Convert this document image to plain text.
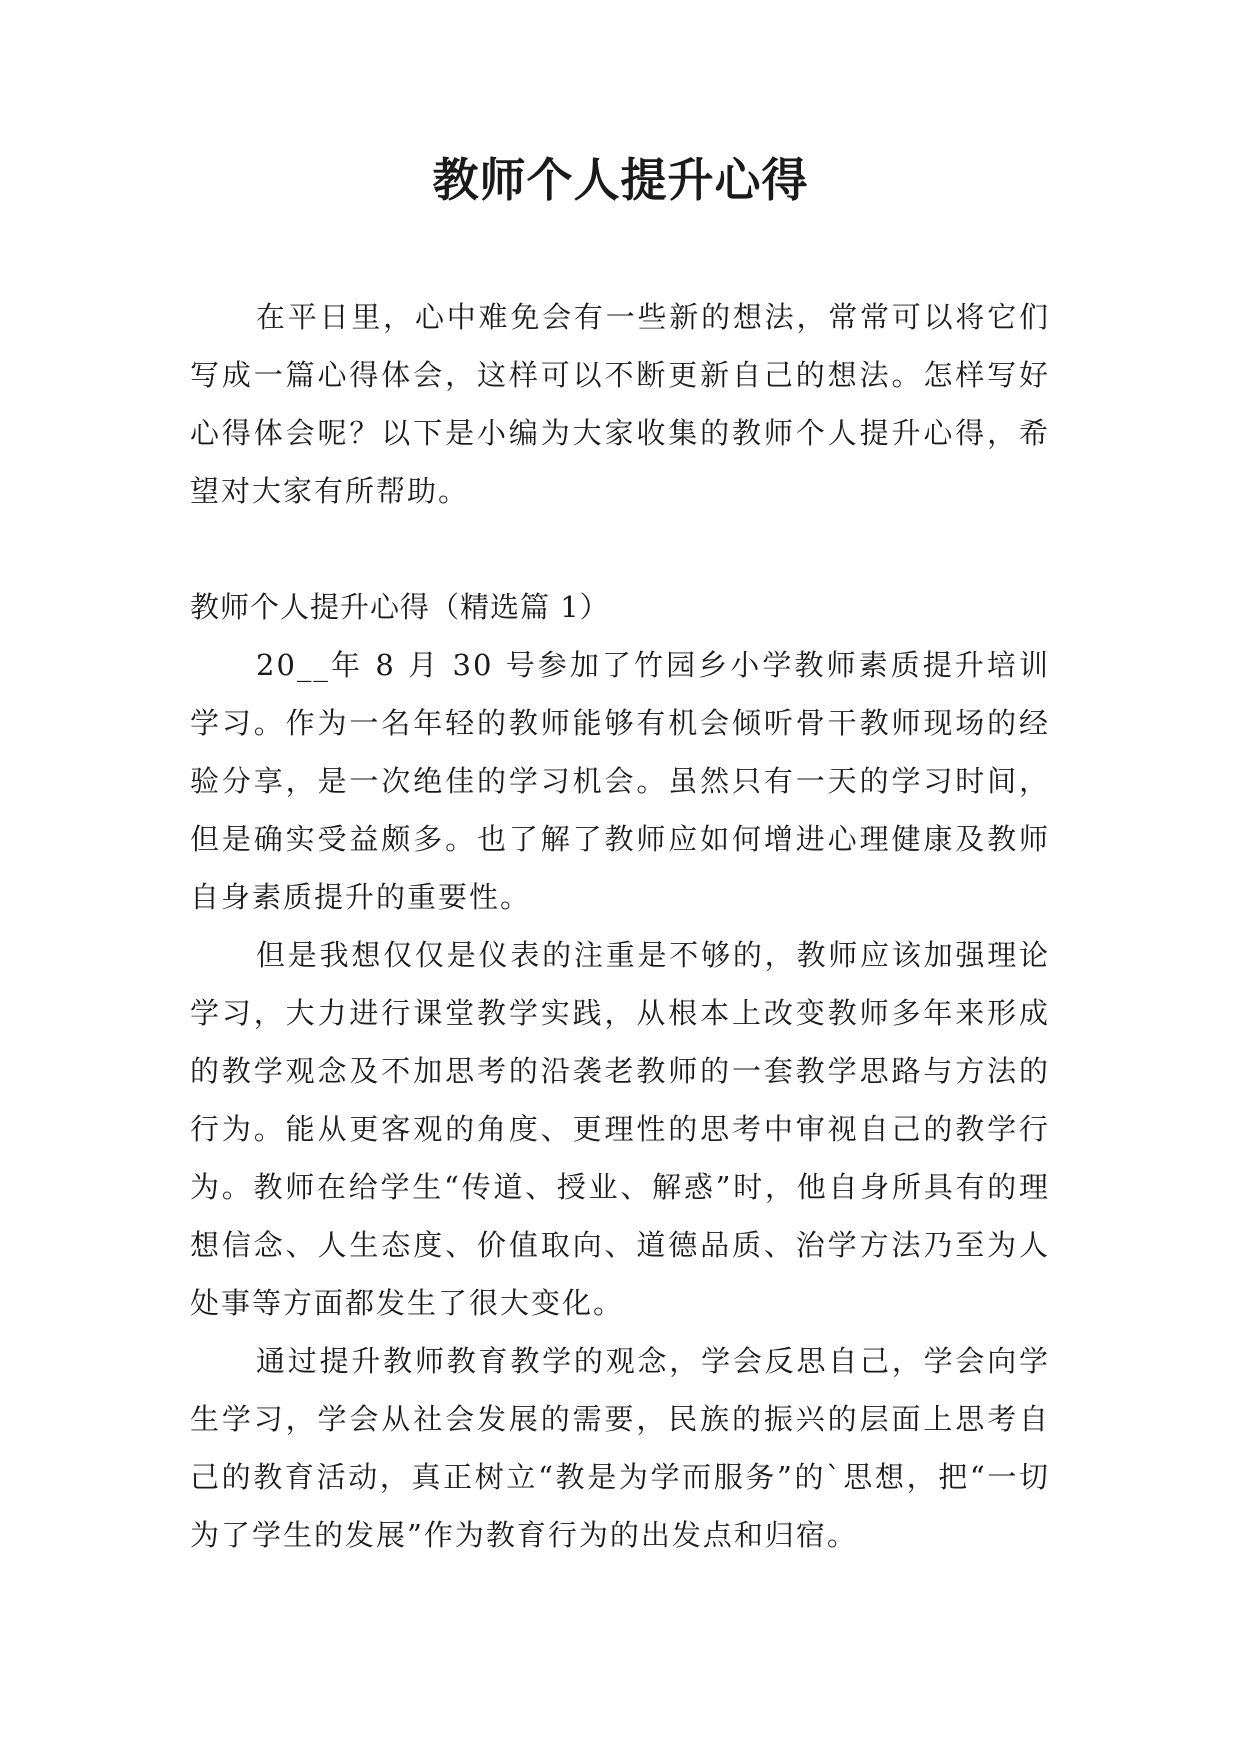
教师个人提升心得

在平日里，心中难免会有一些新的想法，常常可以将它们写成一篇心得体会，这样可以不断更新自己的想法。怎样写好心得体会呢？以下是小编为大家收集的教师个人提升心得，希望对大家有所帮助。

教师个人提升心得（精选篇 1）

20__年 8 月 30 号参加了竹园乡小学教师素质提升培训学习。作为一名年轻的教师能够有机会倾听骨干教师现场的经验分享，是一次绝佳的学习机会。虽然只有一天的学习时间，但是确实受益颇多。也了解了教师应如何增进心理健康及教师自身素质提升的重要性。

但是我想仅仅是仪表的注重是不够的，教师应该加强理论学习，大力进行课堂教学实践，从根本上改变教师多年来形成的教学观念及不加思考的沿袭老教师的一套教学思路与方法的行为。能从更客观的角度、更理性的思考中审视自己的教学行为。教师在给学生“传道、授业、解惑”时，他自身所具有的理想信念、人生态度、价值取向、道德品质、治学方法乃至为人处事等方面都发生了很大变化。

通过提升教师教育教学的观念，学会反思自己，学会向学生学习，学会从社会发展的需要，民族的振兴的层面上思考自己的教育活动，真正树立“教是为学而服务”的`思想，把“一切为了学生的发展”作为教育行为的出发点和归宿。
